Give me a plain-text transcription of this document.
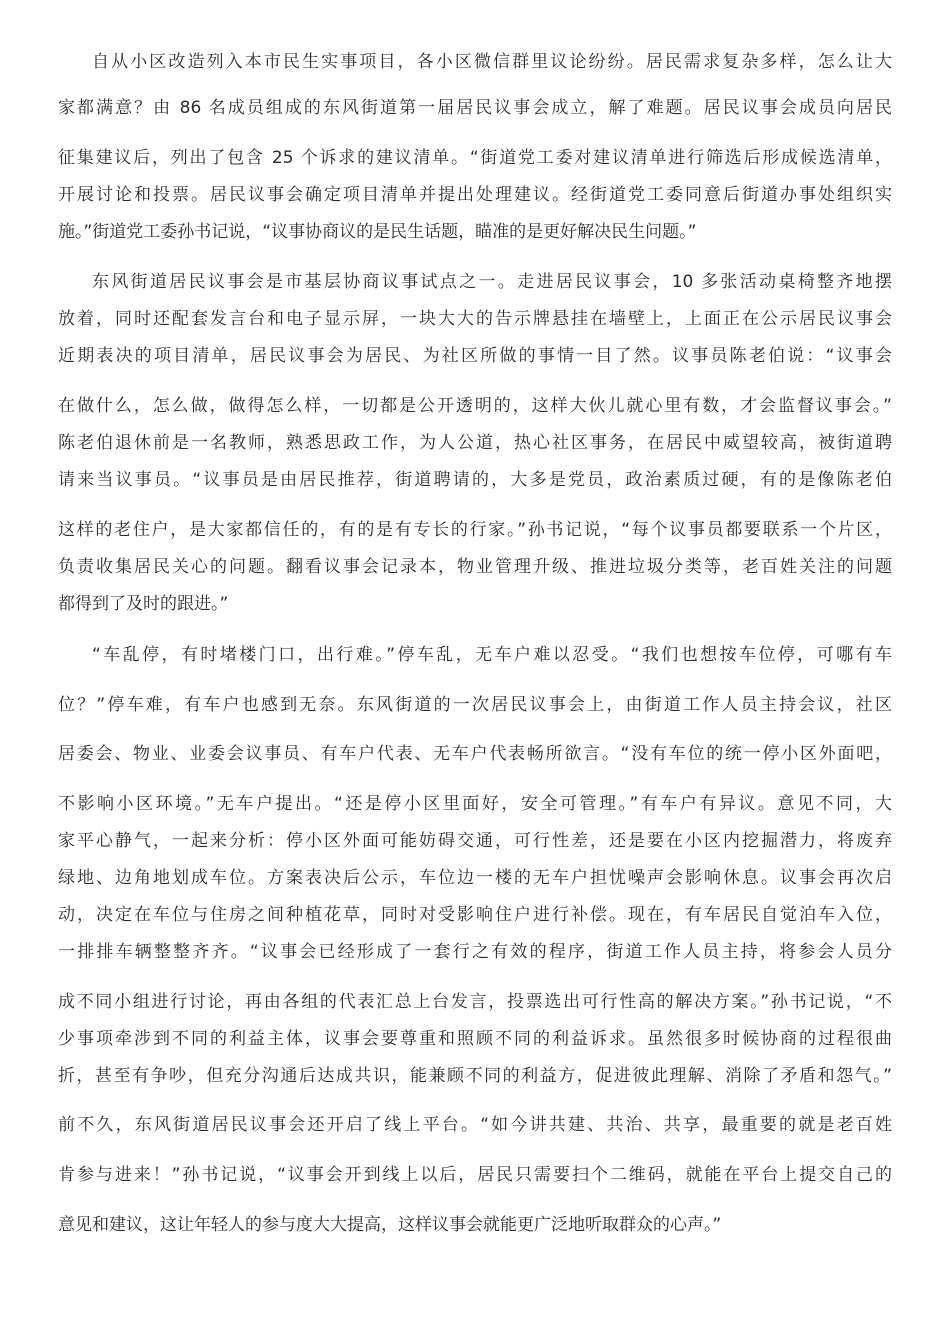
自从小区改造列入本市民生实事项目，各小区微信群里议论纷纷。居民需求复杂多样，怎么让大
家都满意？由 86 名成员组成的东风街道第一届居民议事会成立，解了难题。居民议事会成员向居民
征集建议后，列出了包含 25 个诉求的建议清单。“街道党工委对建议清单进行筛选后形成候选清单，
开展讨论和投票。居民议事会确定项目清单并提出处理建议。经街道党工委同意后街道办事处组织实
施。”街道党工委孙书记说，“议事协商议的是民生话题，瞄准的是更好解决民生问题。”
东风街道居民议事会是市基层协商议事试点之一。走进居民议事会，10 多张活动桌椅整齐地摆
放着，同时还配套发言台和电子显示屏，一块大大的告示牌悬挂在墙壁上，上面正在公示居民议事会
近期表决的项目清单，居民议事会为居民、为社区所做的事情一目了然。议事员陈老伯说：“议事会
在做什么，怎么做，做得怎么样，一切都是公开透明的，这样大伙儿就心里有数，才会监督议事会。”
陈老伯退休前是一名教师，熟悉思政工作，为人公道，热心社区事务，在居民中威望较高，被街道聘
请来当议事员。“议事员是由居民推荐，街道聘请的，大多是党员，政治素质过硬，有的是像陈老伯
这样的老住户，是大家都信任的，有的是有专长的行家。”孙书记说，“每个议事员都要联系一个片区，
负责收集居民关心的问题。翻看议事会记录本，物业管理升级、推进垃圾分类等，老百姓关注的问题
都得到了及时的跟进。”
“车乱停，有时堵楼门口，出行难。”停车乱，无车户难以忍受。“我们也想按车位停，可哪有车
位？”停车难，有车户也感到无奈。东风街道的一次居民议事会上，由街道工作人员主持会议，社区
居委会、物业、业委会议事员、有车户代表、无车户代表畅所欲言。“没有车位的统一停小区外面吧，
不影响小区环境。”无车户提出。“还是停小区里面好，安全可管理。”有车户有异议。意见不同，大
家平心静气，一起来分析：停小区外面可能妨碍交通，可行性差，还是要在小区内挖掘潜力，将废弃
绿地、边角地划成车位。方案表决后公示，车位边一楼的无车户担忧噪声会影响休息。议事会再次启
动，决定在车位与住房之间种植花草，同时对受影响住户进行补偿。现在，有车居民自觉泊车入位，
一排排车辆整整齐齐。“议事会已经形成了一套行之有效的程序，街道工作人员主持，将参会人员分
成不同小组进行讨论，再由各组的代表汇总上台发言，投票选出可行性高的解决方案。”孙书记说，“不
少事项牵涉到不同的利益主体，议事会要尊重和照顾不同的利益诉求。虽然很多时候协商的过程很曲
折，甚至有争吵，但充分沟通后达成共识，能兼顾不同的利益方，促进彼此理解、消除了矛盾和怨气。”
前不久，东风街道居民议事会还开启了线上平台。“如今讲共建、共治、共享，最重要的就是老百姓
肯参与进来！”孙书记说，“议事会开到线上以后，居民只需要扫个二维码，就能在平台上提交自己的
意见和建议，这让年轻人的参与度大大提高，这样议事会就能更广泛地听取群众的心声。”
